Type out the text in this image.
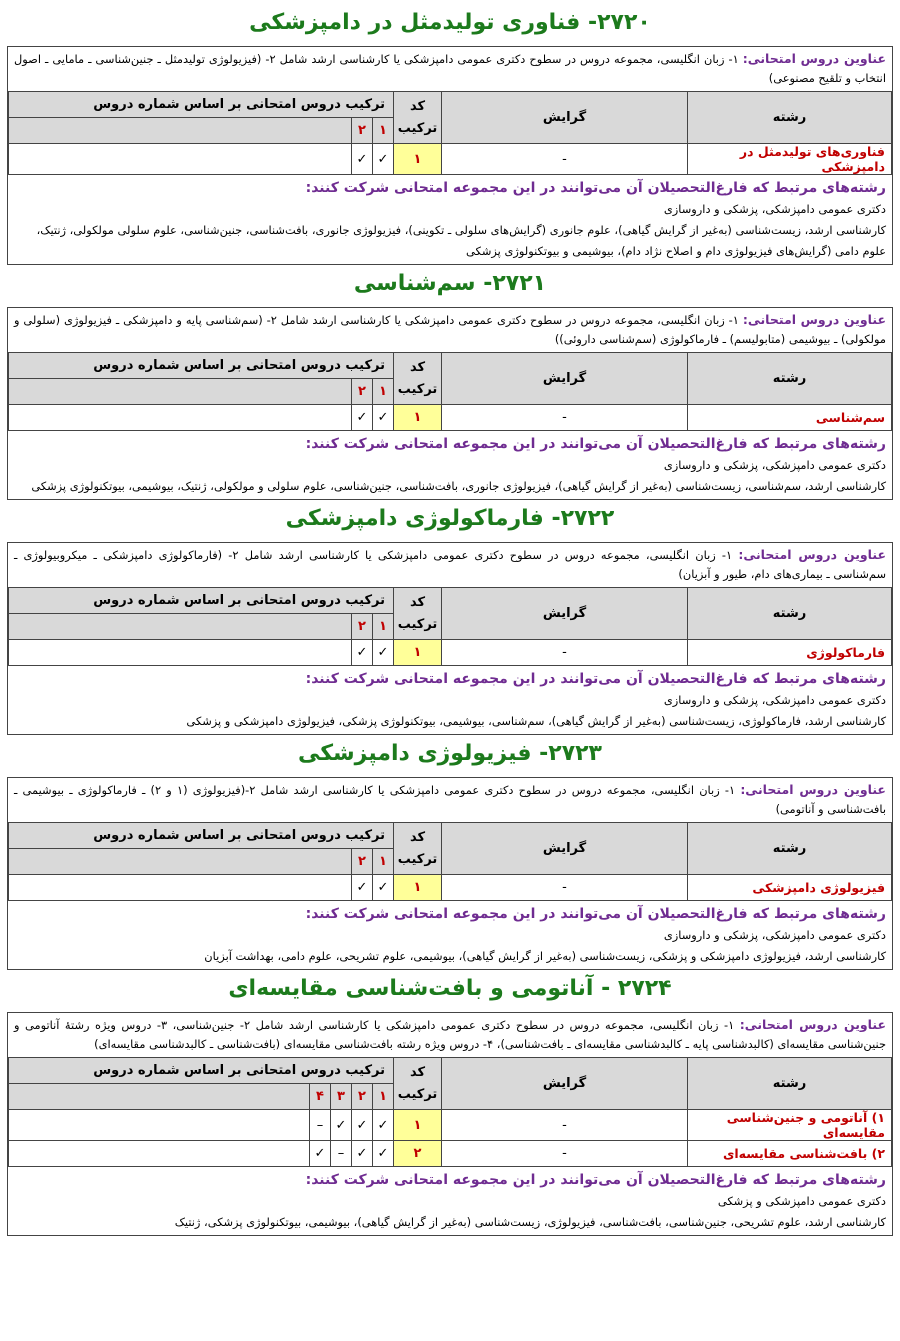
۲۷۲۰- فناوری تولیدمثل در دامپزشکی
عناوین دروس امتحانی: ۱- زبان انگلیسی، مجموعه دروس در سطوح دکتری عمومی دامپزشکی یا کارشناسی ارشد شامل ۲- (فیزیولوژی تولیدمثل ـ جنین‌شناسی ـ مامایی ـ اصول انتخاب و تلقیح مصنوعی)
رشته	گرایش	کد ترکیب	ترکیب دروس امتحانی بر اساس شماره دروس		
			۱	۲	
فناوری‌های تولیدمثل در دامپزشکی	-	۱	✓	✓	
رشته‌های مرتبط که فارغ‌التحصیلان آن می‌توانند در این مجموعه امتحانی شرکت کنند:
دکتری عمومی دامپزشکی، پزشکی و داروسازی
کارشناسی ارشد، زیست‌شناسی (به‌غیر از گرایش گیاهی)، علوم جانوری (گرایش‌های سلولی ـ تکوینی)، فیزیولوژی جانوری، بافت‌شناسی، جنین‌شناسی، علوم سلولی مولکولی، ژنتیک، علوم دامی (گرایش‌های فیزیولوژی دام و اصلاح نژاد دام)، بیوشیمی و بیوتکنولوژی پزشکی
۲۷۲۱- سم‌شناسی
عناوین دروس امتحانی: ۱- زبان انگلیسی، مجموعه دروس در سطوح دکتری عمومی دامپزشکی یا کارشناسی ارشد شامل ۲- (سم‌شناسی پایه و دامپزشکی ـ فیزیولوژی (سلولی و مولکولی) ـ بیوشیمی (متابولیسم) ـ فارماکولوژی (سم‌شناسی داروئی))
رشته	گرایش	کد ترکیب	ترکیب دروس امتحانی بر اساس شماره دروس		
			۱	۲	
سم‌شناسی	-	۱	✓	✓	
رشته‌های مرتبط که فارغ‌التحصیلان آن می‌توانند در این مجموعه امتحانی شرکت کنند:
دکتری عمومی دامپزشکی، پزشکی و داروسازی
کارشناسی ارشد، سم‌شناسی، زیست‌شناسی (به‌غیر از گرایش گیاهی)، فیزیولوژی جانوری، بافت‌شناسی، جنین‌شناسی، علوم سلولی و مولکولی، ژنتیک، بیوشیمی، بیوتکنولوژی پزشکی
۲۷۲۲- فارماکولوژی دامپزشکی
عناوین دروس امتحانی: ۱- زبان انگلیسی، مجموعه دروس در سطوح دکتری عمومی دامپزشکی یا کارشناسی ارشد شامل ۲- (فارماکولوژی دامپزشکی ـ میکروبیولوژی ـ سم‌شناسی ـ بیماری‌های دام، طیور و آبزیان)
رشته	گرایش	کد ترکیب	ترکیب دروس امتحانی بر اساس شماره دروس		
			۱	۲	
فارماکولوژی	-	۱	✓	✓	
رشته‌های مرتبط که فارغ‌التحصیلان آن می‌توانند در این مجموعه امتحانی شرکت کنند:
دکتری عمومی دامپزشکی، پزشکی و داروسازی
کارشناسی ارشد، فارماکولوژی، زیست‌شناسی (به‌غیر از گرایش گیاهی)، سم‌شناسی، بیوشیمی، بیوتکنولوژی پزشکی، فیزیولوژی دامپزشکی و پزشکی
۲۷۲۳- فیزیولوژی دامپزشکی
عناوین دروس امتحانی: ۱- زبان انگلیسی، مجموعه دروس در سطوح دکتری عمومی دامپزشکی یا کارشناسی ارشد شامل ۲-(فیزیولوژی (۱ و ۲) ـ فارماکولوژی ـ بیوشیمی ـ بافت‌شناسی و آناتومی)
رشته	گرایش	کد ترکیب	ترکیب دروس امتحانی بر اساس شماره دروس		
			۱	۲	
فیزیولوژی دامپزشکی	-	۱	✓	✓	
رشته‌های مرتبط که فارغ‌التحصیلان آن می‌توانند در این مجموعه امتحانی شرکت کنند:
دکتری عمومی دامپزشکی، پزشکی و داروسازی
کارشناسی ارشد، فیزیولوژی دامپزشکی و پزشکی، زیست‌شناسی (به‌غیر از گرایش گیاهی)، بیوشیمی، علوم تشریحی، علوم دامی، بهداشت آبزیان
۲۷۲۴ - آناتومی و بافت‌شناسی مقایسه‌ای
عناوین دروس امتحانی: ۱- زبان انگلیسی، مجموعه دروس در سطوح دکتری عمومی دامپزشکی یا کارشناسی ارشد شامل ۲- جنین‌شناسی، ۳- دروس ویژه رشتهٔ آناتومی و جنین‌شناسی مقایسه‌ای (کالبدشناسی پایه ـ کالبدشناسی مقایسه‌ای ـ بافت‌شناسی)، ۴- دروس ویژه رشته بافت‌شناسی مقایسه‌ای (بافت‌شناسی ـ کالبدشناسی مقایسه‌ای)
رشته	گرایش	کد ترکیب	ترکیب دروس امتحانی بر اساس شماره دروس				
			۱	۲	۳	۴	
۱) آناتومی و جنین‌شناسی مقایسه‌ای	-	۱	✓	✓	✓	–	
۲) بافت‌شناسی مقایسه‌ای	-	۲	✓	✓	–	✓	
رشته‌های مرتبط که فارغ‌التحصیلان آن می‌توانند در این مجموعه امتحانی شرکت کنند:
دکتری عمومی دامپزشکی و پزشکی
کارشناسی ارشد، علوم تشریحی، جنین‌شناسی، بافت‌شناسی، فیزیولوژی، زیست‌شناسی (به‌غیر از گرایش گیاهی)، بیوشیمی، بیوتکنولوژی پزشکی، ژنتیک
